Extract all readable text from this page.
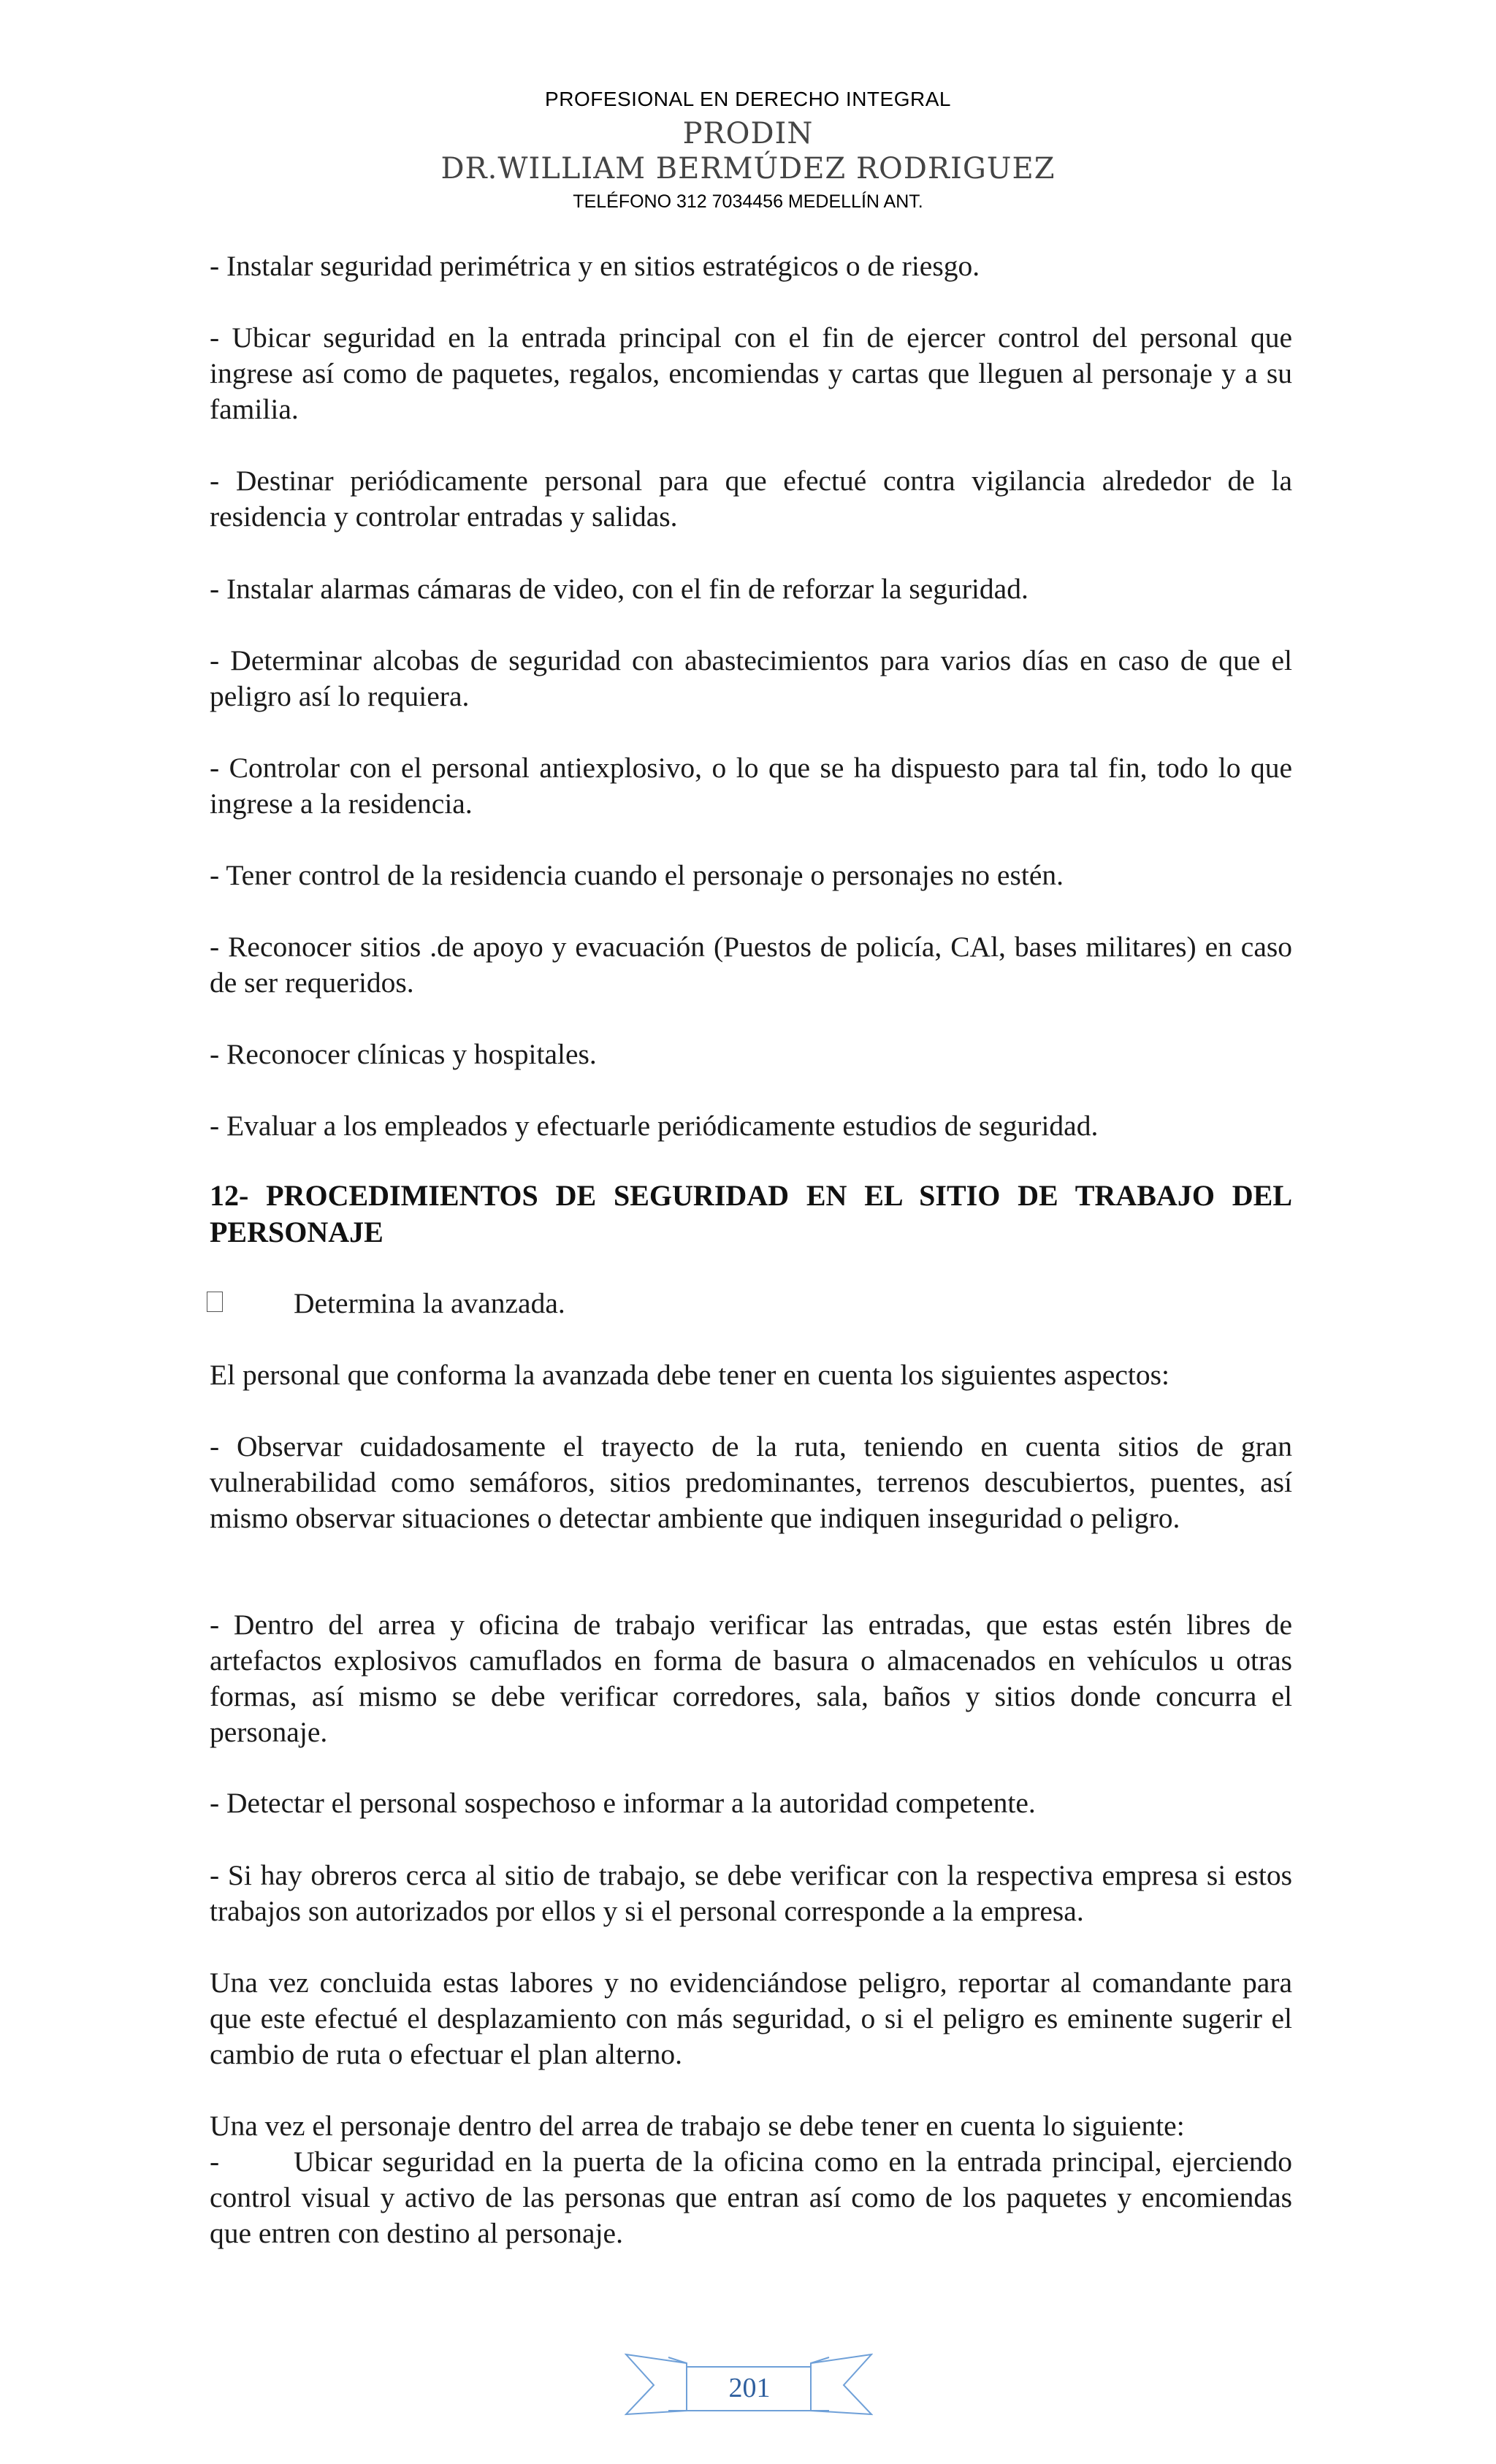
PROFESIONAL EN DERECHO INTEGRAL
PRODIN
DR.WILLIAM BERMÚDEZ RODRIGUEZ
TELÉFONO 312 7034456 MEDELLÍN ANT.
- Instalar seguridad perimétrica y en sitios estratégicos o de riesgo.
- Ubicar seguridad en la entrada principal con el fin de ejercer control del personal que ingrese así como de paquetes, regalos, encomiendas y cartas que lleguen al personaje y a su familia.
- Destinar periódicamente personal para que efectué contra vigilancia alrededor de la residencia y controlar entradas y salidas.
- Instalar alarmas cámaras de video, con el fin de reforzar la seguridad.
- Determinar alcobas de seguridad con abastecimientos para varios días en caso de que el peligro así lo requiera.
- Controlar con el personal antiexplosivo, o lo que se ha dispuesto para tal fin, todo lo que ingrese a la residencia.
- Tener control de la residencia cuando el personaje o personajes no estén.
- Reconocer sitios .de apoyo y evacuación (Puestos de policía, CAl, bases militares) en caso de ser requeridos.
- Reconocer clínicas y hospitales.
- Evaluar a los empleados y efectuarle periódicamente estudios de seguridad.
12- PROCEDIMIENTOS DE SEGURIDAD EN EL SITIO DE TRABAJO DEL PERSONAJE
Determina la avanzada.
El personal que conforma la avanzada debe tener en cuenta los siguientes aspectos:
- Observar cuidadosamente el trayecto de la ruta, teniendo en cuenta sitios de gran vulnerabilidad como semáforos, sitios predominantes, terrenos descubiertos, puentes, así mismo observar situaciones o detectar ambiente que indiquen inseguridad o peligro.
- Dentro del arrea y oficina de trabajo verificar las entradas, que estas estén libres de artefactos explosivos camuflados en forma de basura o almacenados en vehículos u otras formas, así mismo se debe verificar corredores, sala, baños y sitios donde concurra el personaje.
- Detectar el personal sospechoso e informar a la autoridad competente.
- Si hay obreros cerca al sitio de trabajo, se debe verificar con la respectiva empresa si estos trabajos son autorizados por ellos y si el personal corresponde a la empresa.
Una vez concluida estas labores y no evidenciándose peligro, reportar al comandante para que este efectué el desplazamiento con más seguridad, o si el peligro es eminente sugerir el cambio de ruta o efectuar el plan alterno.
Una vez el personaje dentro del arrea de trabajo se debe tener en cuenta lo siguiente:
-	Ubicar seguridad en la puerta de la oficina como en la entrada principal, ejerciendo control visual y activo de las personas que entran así como de los paquetes y encomiendas que entren con destino al personaje.
201
